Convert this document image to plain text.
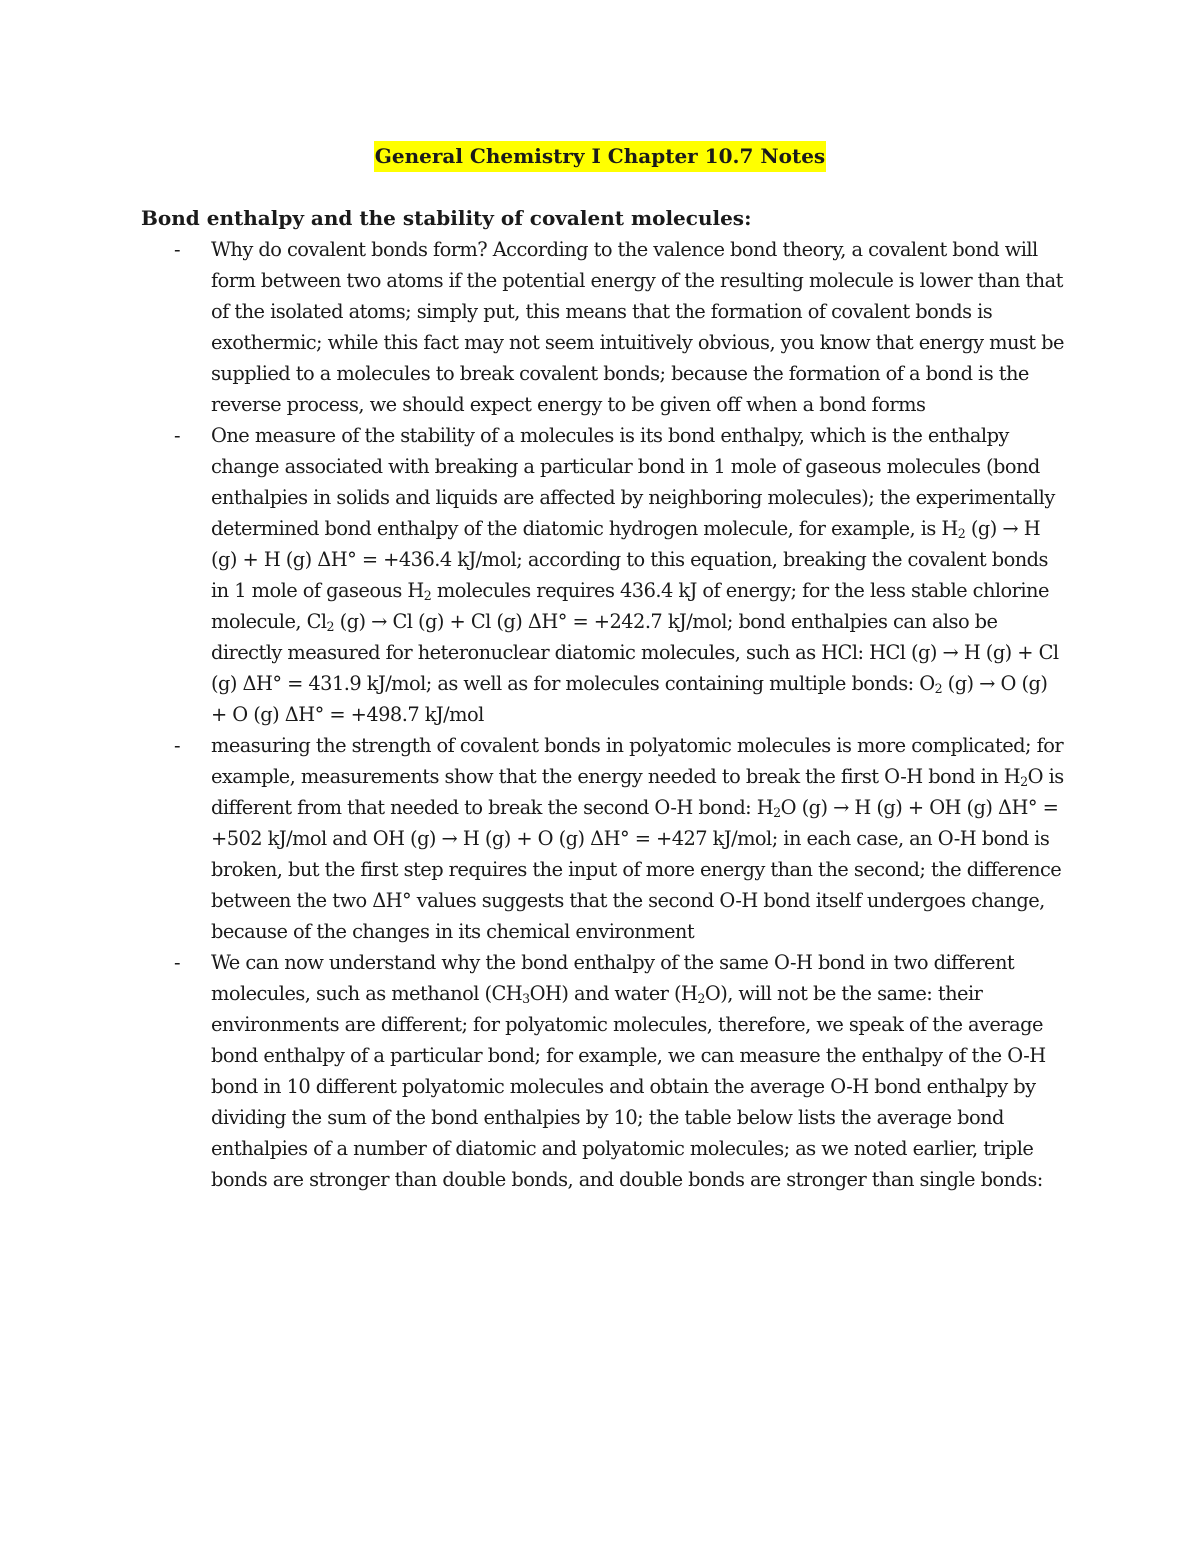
General Chemistry I Chapter 10.7 Notes
Bond enthalpy and the stability of covalent molecules:
- Why do covalent bonds form? According to the valence bond theory, a covalent bond will form between two atoms if the potential energy of the resulting molecule is lower than that of the isolated atoms; simply put, this means that the formation of covalent bonds is exothermic; while this fact may not seem intuitively obvious, you know that energy must be supplied to a molecules to break covalent bonds; because the formation of a bond is the reverse process, we should expect energy to be given off when a bond forms
- One measure of the stability of a molecules is its bond enthalpy, which is the enthalpy change associated with breaking a particular bond in 1 mole of gaseous molecules (bond enthalpies in solids and liquids are affected by neighboring molecules); the experimentally determined bond enthalpy of the diatomic hydrogen molecule, for example, is $H_2$ (g) → H (g) + H (g) ΔH° = +436.4 kJ/mol; according to this equation, breaking the covalent bonds in 1 mole of gaseous $H_2$ molecules requires 436.4 kJ of energy; for the less stable chlorine molecule, $Cl_2$ (g) → Cl (g) + Cl (g) ΔH° = +242.7 kJ/mol; bond enthalpies can also be directly measured for heteronuclear diatomic molecules, such as HCl: HCl (g) → H (g) + Cl (g) ΔH° = 431.9 kJ/mol; as well as for molecules containing multiple bonds: $O_2$ (g) → O (g) + O (g) ΔH° = +498.7 kJ/mol
- measuring the strength of covalent bonds in polyatomic molecules is more complicated; for example, measurements show that the energy needed to break the first O-H bond in $H_2O$ is different from that needed to break the second O-H bond: $H_2O$ (g) → H (g) + OH (g) ΔH° = +502 kJ/mol and OH (g) → H (g) + O (g) ΔH° = +427 kJ/mol; in each case, an O-H bond is broken, but the first step requires the input of more energy than the second; the difference between the two ΔH° values suggests that the second O-H bond itself undergoes change, because of the changes in its chemical environment
- We can now understand why the bond enthalpy of the same O-H bond in two different molecules, such as methanol $(CH_3OH)$ and water $(H_2O)$, will not be the same: their environments are different; for polyatomic molecules, therefore, we speak of the average bond enthalpy of a particular bond; for example, we can measure the enthalpy of the O-H bond in 10 different polyatomic molecules and obtain the average O-H bond enthalpy by dividing the sum of the bond enthalpies by 10; the table below lists the average bond enthalpies of a number of diatomic and polyatomic molecules; as we noted earlier, triple bonds are stronger than double bonds, and double bonds are stronger than single bonds:
